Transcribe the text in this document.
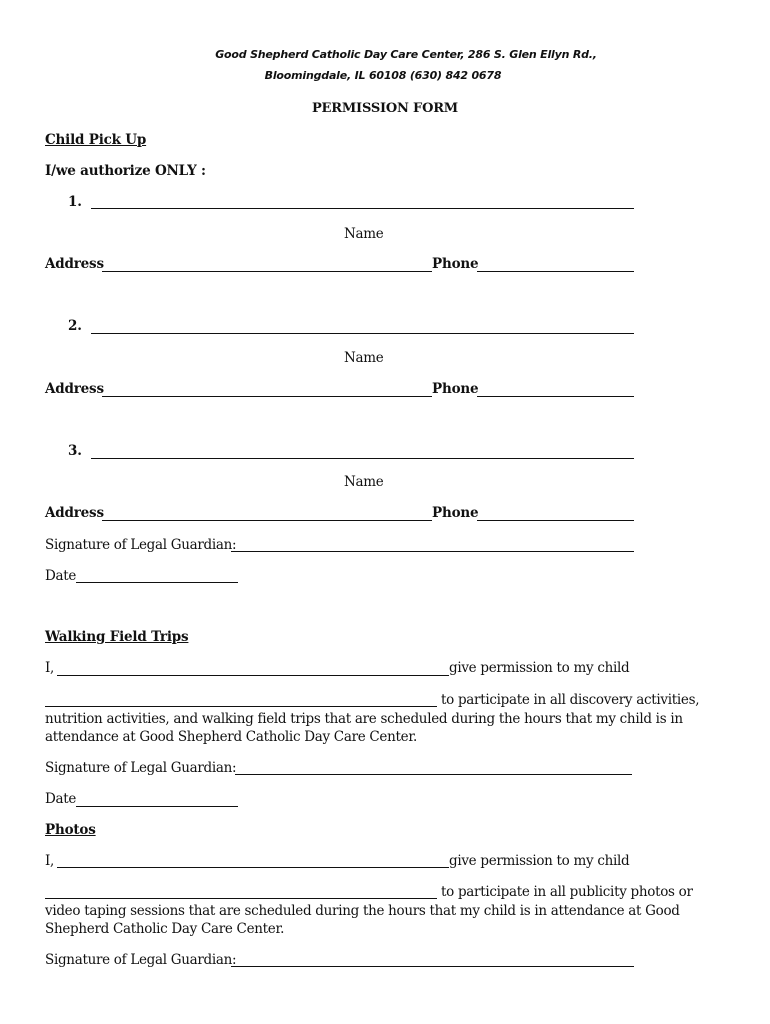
Good Shepherd Catholic Day Care Center, 286 S. Glen Ellyn Rd.,
Bloomingdale, IL 60108 (630) 842 0678
PERMISSION FORM
Child Pick Up
I/we authorize ONLY :
1.
Name
Address	Phone
2.
Name
Address	Phone
3.
Name
Address	Phone
Signature of Legal Guardian:
Date
Walking Field Trips
I,	give permission to my child
to participate in all discovery activities,
nutrition activities, and walking field trips that are scheduled during the hours that my child is in attendance at Good Shepherd Catholic Day Care Center.
Signature of Legal Guardian:
Date
Photos
I,	give permission to my child
to participate in all publicity photos or
video taping sessions that are scheduled during the hours that my child is in attendance at Good Shepherd Catholic Day Care Center.
Signature of Legal Guardian:
